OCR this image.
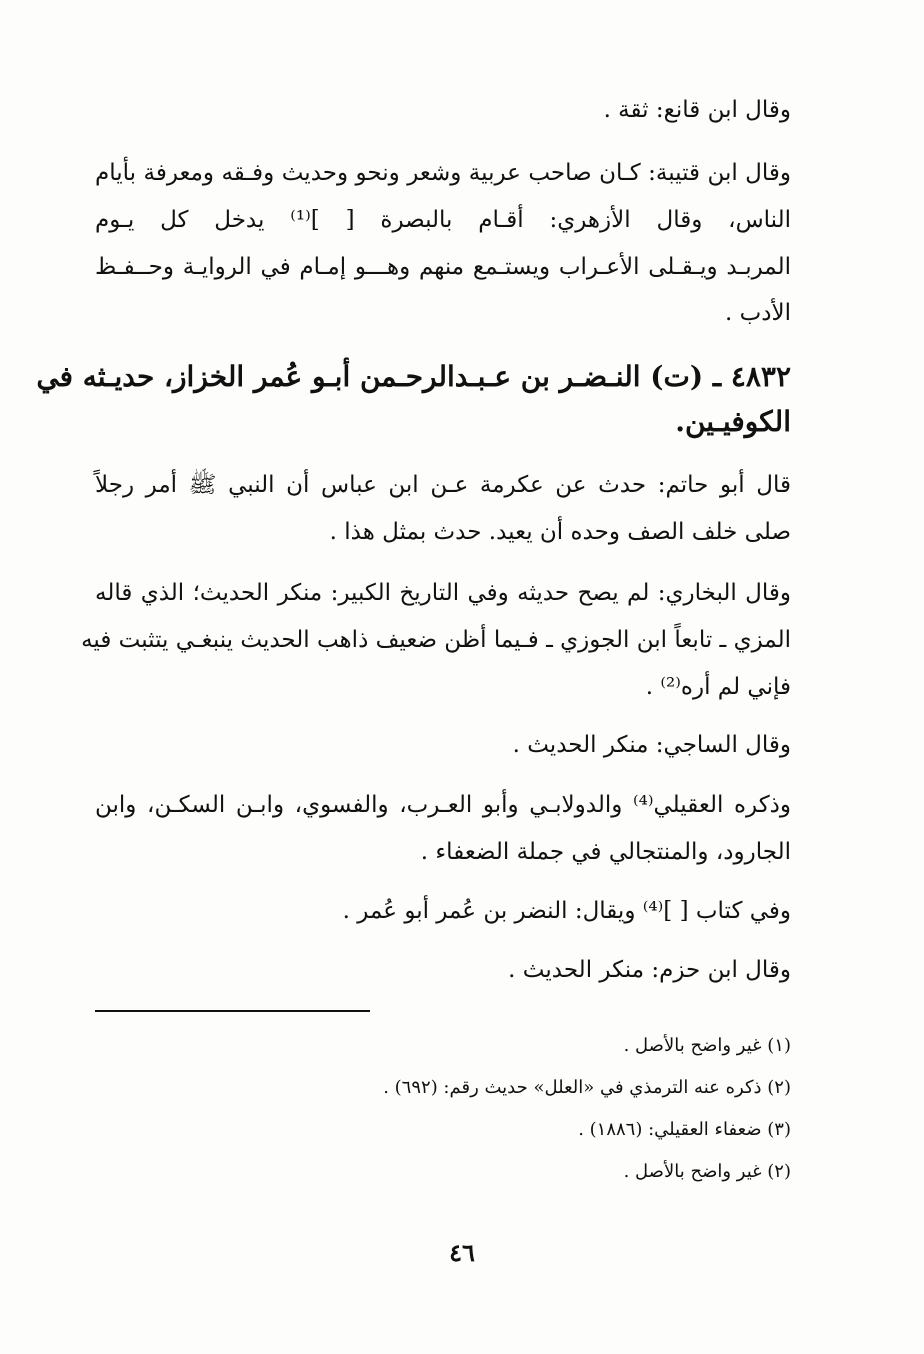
وقال ابن قانع: ثقة .
وقال ابن قتيبة: كـان صاحب عربية وشعر ونحو وحديث وفـقه ومعرفة بأيام
الناس، وقال الأزهري: أقـام بالبصرة [ ]⁽¹⁾ يدخل كل يـوم
المربـد ويـقـلى الأعـراب ويستـمع منهم وهـــو إمـام في الروايـة وحــفـظ
الأدب .
٤٨٣٢ ـ (ت) النـضـر بن عـبـدالرحـمن أبـو عُمر الخزاز، حديـثه في
الكوفيـين.
قال أبو حاتم: حدث عن عكرمة عـن ابن عباس أن النبي ﷺ أمر رجلاً
صلى خلف الصف وحده أن يعيد. حدث بمثل هذا .
وقال البخاري: لم يصح حديثه وفي التاريخ الكبير: منكر الحديث؛ الذي قاله
المزي ـ تابعاً ابن الجوزي ـ فـيما أظن ضعيف ذاهب الحديث ينبغـي يتثبت فيه
فإني لم أره⁽²⁾ .
وقال الساجي: منكر الحديث .
وذكره العقيلي⁽⁴⁾ والدولابـي وأبو العـرب، والفسوي، وابـن السكـن، وابن
الجارود، والمنتجالي في جملة الضعفاء .
وفي كتاب [ ]⁽⁴⁾ ويقال: النضر بن عُمر أبو عُمر .
وقال ابن حزم: منكر الحديث .
(١) غير واضح بالأصل .
(٢) ذكره عنه الترمذي في «العلل» حديث رقم: (٦٩٢) .
(٣) ضعفاء العقيلي: (١٨٨٦) .
(٢) غير واضح بالأصل .
٤٦
